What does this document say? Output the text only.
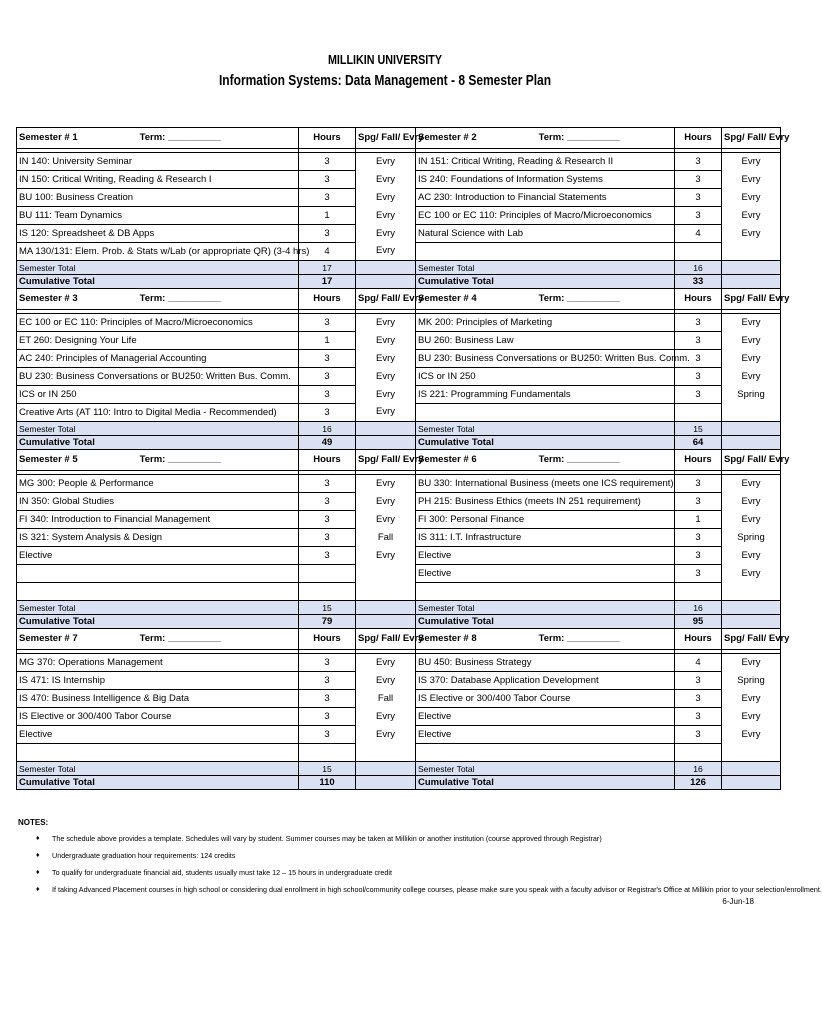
MILLIKIN UNIVERSITY
Information Systems: Data Management - 8 Semester Plan
Semester # 1 Term: __________	Hours	Spg/ Fall/ Evry	Semester # 2 Term: __________	Hours	Spg/ Fall/ Evry

IN 140: University Seminar	3	Evry	IN 151: Critical Writing, Reading & Research II	3	Evry
IN 150: Critical Writing, Reading & Research I	3	Evry	IS 240: Foundations of Information Systems	3	Evry
BU 100: Business Creation	3	Evry	AC 230: Introduction to Financial Statements	3	Evry
BU 111: Team Dynamics	1	Evry	EC 100 or EC 110: Principles of Macro/Microeconomics	3	Evry
IS 120: Spreadsheet & DB Apps	3	Evry	Natural Science with Lab	4	Evry
MA 130/131: Elem. Prob. & Stats w/Lab (or appropriate QR) (3-4 hrs)	4	Evry			
Semester Total	17		Semester Total	16	
Cumulative Total	17		Cumulative Total	33	
Semester # 3 Term: __________	Hours	Spg/ Fall/ Evry	Semester # 4 Term: __________	Hours	Spg/ Fall/ Evry

EC 100 or EC 110: Principles of Macro/Microeconomics	3	Evry	MK 200: Principles of Marketing	3	Evry
ET 260: Designing Your Life	1	Evry	BU 260: Business Law	3	Evry
AC 240: Principles of Managerial Accounting	3	Evry	BU 230: Business Conversations or BU250: Written Bus. Comm.	3	Evry
BU 230: Business Conversations or BU250: Written Bus. Comm.	3	Evry	ICS or IN 250	3	Evry
ICS or IN 250	3	Evry	IS 221: Programming Fundamentals	3	Spring
Creative Arts (AT 110: Intro to Digital Media - Recommended)	3	Evry			
Semester Total	16		Semester Total	15	
Cumulative Total	49		Cumulative Total	64	
Semester # 5 Term: __________	Hours	Spg/ Fall/ Evry	Semester # 6 Term: __________	Hours	Spg/ Fall/ Evry

MG 300: People & Performance	3	Evry	BU 330: International Business (meets one ICS requirement)	3	Evry
IN 350: Global Studies	3	Evry	PH 215: Business Ethics (meets IN 251 requirement)	3	Evry
FI 340: Introduction to Financial Management	3	Evry	FI 300: Personal Finance	1	Evry
IS 321: System Analysis & Design	3	Fall	IS 311: I.T. Infrastructure	3	Spring
Elective	3	Evry	Elective	3	Evry
			Elective	3	Evry

Semester Total	15		Semester Total	16	
Cumulative Total	79		Cumulative Total	95	
Semester # 7 Term: __________	Hours	Spg/ Fall/ Evry	Semester # 8 Term: __________	Hours	Spg/ Fall/ Evry

MG 370: Operations Management	3	Evry	BU 450: Business Strategy	4	Evry
IS 471: IS Internship	3	Evry	IS 370: Database Application Development	3	Spring
IS 470: Business Intelligence & Big Data	3	Fall	IS Elective or 300/400 Tabor Course	3	Evry
IS Elective or 300/400 Tabor Course	3	Evry	Elective	3	Evry
Elective	3	Evry	Elective	3	Evry

Semester Total	15		Semester Total	16	
Cumulative Total	110		Cumulative Total	126	
NOTES:
♦ The schedule above provides a template. Schedules will vary by student. Summer courses may be taken at Millikin or another institution (course approved through Registrar)
♦ Undergraduate graduation hour requirements: 124 credits
♦ To qualify for undergraduate financial aid, students usually must take 12 – 15 hours in undergraduate credit
♦ If taking Advanced Placement courses in high school or considering dual enrollment in high school/community college courses, please make sure you speak with a faculty advisor or Registrar's Office at Millikin prior to your selection/enrollment.
6-Jun-18
